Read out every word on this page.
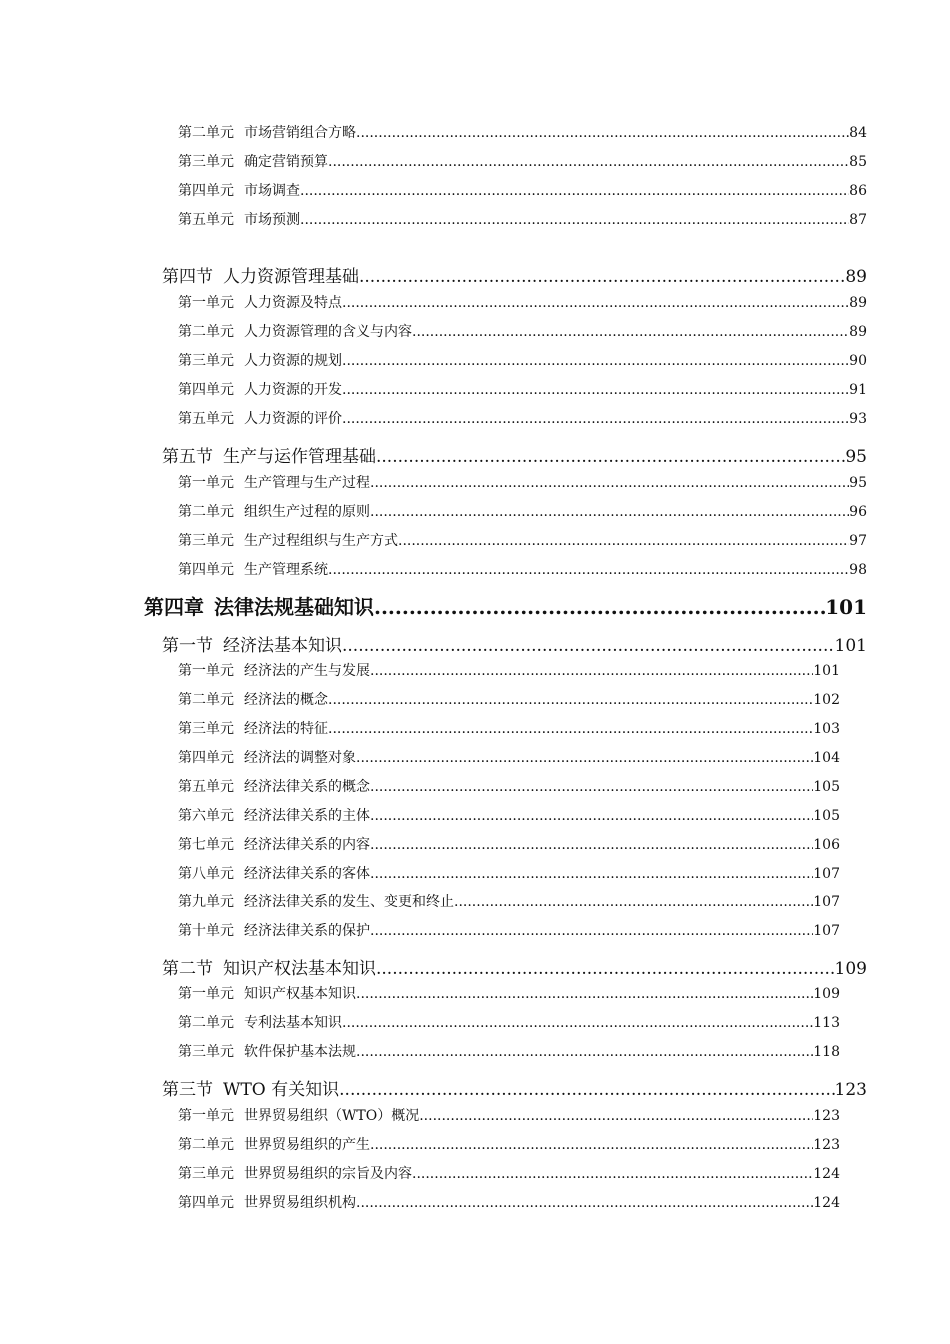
第二单元 市场营销组合方略 .....	84
第三单元 确定营销预算 .....	85
第四单元 市场调查 .....	86
第五单元 市场预测 .....	87
第四节 人力资源管理基础 .....	89
第一单元 人力资源及特点 .....	89
第二单元 人力资源管理的含义与内容 .....	89
第三单元 人力资源的规划 .....	90
第四单元 人力资源的开发 .....	91
第五单元 人力资源的评价 .....	93
第五节 生产与运作管理基础 .....	95
第一单元 生产管理与生产过程 .....	95
第二单元 组织生产过程的原则 .....	96
第三单元 生产过程组织与生产方式 .....	97
第四单元 生产管理系统 .....	98
第四章 法律法规基础知识 .....	101
第一节 经济法基本知识 .....	101
第一单元 经济法的产生与发展 .....	101
第二单元 经济法的概念 .....	102
第三单元 经济法的特征 .....	103
第四单元 经济法的调整对象 .....	104
第五单元 经济法律关系的概念 .....	105
第六单元 经济法律关系的主体 .....	105
第七单元 经济法律关系的内容 .....	106
第八单元 经济法律关系的客体 .....	107
第九单元 经济法律关系的发生、变更和终止 .....	107
第十单元 经济法律关系的保护 .....	107
第二节 知识产权法基本知识 .....	109
第一单元 知识产权基本知识 .....	109
第二单元 专利法基本知识 .....	113
第三单元 软件保护基本法规 .....	118
第三节 WTO 有关知识 .....	123
第一单元 世界贸易组织（WTO）概况 .....	123
第二单元 世界贸易组织的产生 .....	123
第三单元 世界贸易组织的宗旨及内容 .....	124
第四单元 世界贸易组织机构 .....	124
